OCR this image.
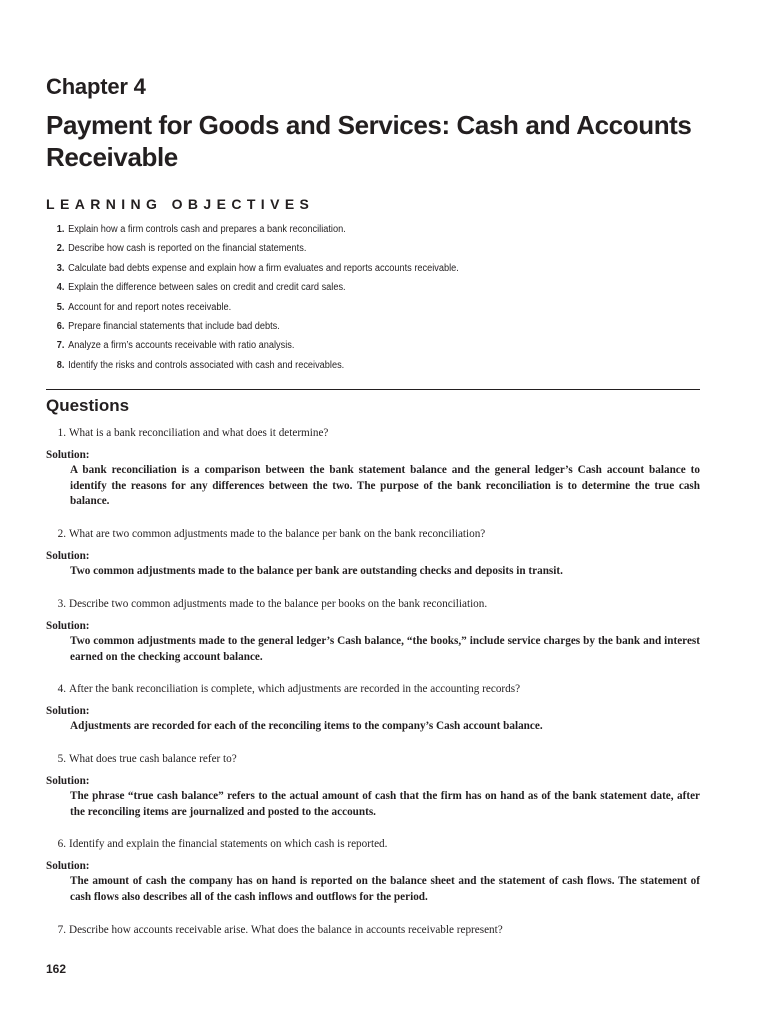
Chapter 4
Payment for Goods and Services: Cash and Accounts Receivable
LEARNING OBJECTIVES
1. Explain how a firm controls cash and prepares a bank reconciliation.
2. Describe how cash is reported on the financial statements.
3. Calculate bad debts expense and explain how a firm evaluates and reports accounts receivable.
4. Explain the difference between sales on credit and credit card sales.
5. Account for and report notes receivable.
6. Prepare financial statements that include bad debts.
7. Analyze a firm’s accounts receivable with ratio analysis.
8. Identify the risks and controls associated with cash and receivables.
Questions
1. What is a bank reconciliation and what does it determine?
Solution:
A bank reconciliation is a comparison between the bank statement balance and the general ledger’s Cash account balance to identify the reasons for any differences between the two. The purpose of the bank reconciliation is to determine the true cash balance.
2. What are two common adjustments made to the balance per bank on the bank reconciliation?
Solution:
Two common adjustments made to the balance per bank are outstanding checks and deposits in transit.
3. Describe two common adjustments made to the balance per books on the bank reconciliation.
Solution:
Two common adjustments made to the general ledger’s Cash balance, “the books,” include service charges by the bank and interest earned on the checking account balance.
4. After the bank reconciliation is complete, which adjustments are recorded in the accounting records?
Solution:
Adjustments are recorded for each of the reconciling items to the company’s Cash account balance.
5. What does true cash balance refer to?
Solution:
The phrase “true cash balance” refers to the actual amount of cash that the firm has on hand as of the bank statement date, after the reconciling items are journalized and posted to the accounts.
6. Identify and explain the financial statements on which cash is reported.
Solution:
The amount of cash the company has on hand is reported on the balance sheet and the statement of cash flows. The statement of cash flows also describes all of the cash inflows and outflows for the period.
7. Describe how accounts receivable arise. What does the balance in accounts receivable represent?
162
